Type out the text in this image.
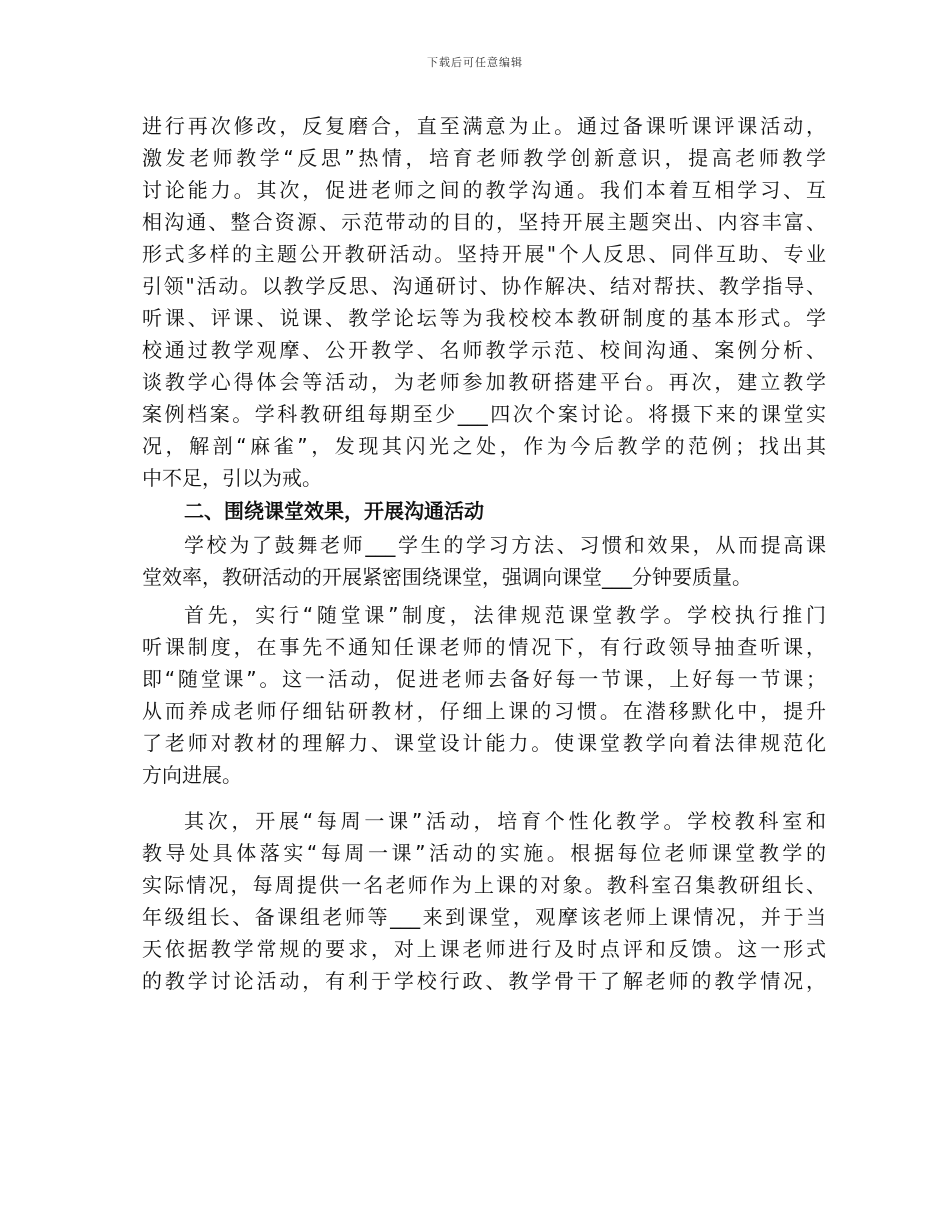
下载后可任意编辑
进行再次修改，反复磨合，直至满意为止。通过备课听课评课活动，
激发老师教学“反思”热情，培育老师教学创新意识，提高老师教学
讨论能力。其次，促进老师之间的教学沟通。我们本着互相学习、互
相沟通、整合资源、示范带动的目的，坚持开展主题突出、内容丰富、
形式多样的主题公开教研活动。坚持开展"个人反思、同伴互助、专业
引领"活动。以教学反思、沟通研讨、协作解决、结对帮扶、教学指导、
听课、评课、说课、教学论坛等为我校校本教研制度的基本形式。学
校通过教学观摩、公开教学、名师教学示范、校间沟通、案例分析、
谈教学心得体会等活动，为老师参加教研搭建平台。再次，建立教学
案例档案。学科教研组每期至少___四次个案讨论。将摄下来的课堂实
况，解剖“麻雀”，发现其闪光之处，作为今后教学的范例；找出其
中不足，引以为戒。
二、围绕课堂效果，开展沟通活动
学校为了鼓舞老师___学生的学习方法、习惯和效果，从而提高课
堂效率，教研活动的开展紧密围绕课堂，强调向课堂___分钟要质量。
首先，实行“随堂课”制度，法律规范课堂教学。学校执行推门
听课制度，在事先不通知任课老师的情况下，有行政领导抽查听课，
即“随堂课”。这一活动，促进老师去备好每一节课，上好每一节课；
从而养成老师仔细钻研教材，仔细上课的习惯。在潜移默化中，提升
了老师对教材的理解力、课堂设计能力。使课堂教学向着法律规范化
方向进展。
其次，开展“每周一课”活动，培育个性化教学。学校教科室和
教导处具体落实“每周一课”活动的实施。根据每位老师课堂教学的
实际情况，每周提供一名老师作为上课的对象。教科室召集教研组长、
年级组长、备课组老师等___来到课堂，观摩该老师上课情况，并于当
天依据教学常规的要求，对上课老师进行及时点评和反馈。这一形式
的教学讨论活动，有利于学校行政、教学骨干了解老师的教学情况，
